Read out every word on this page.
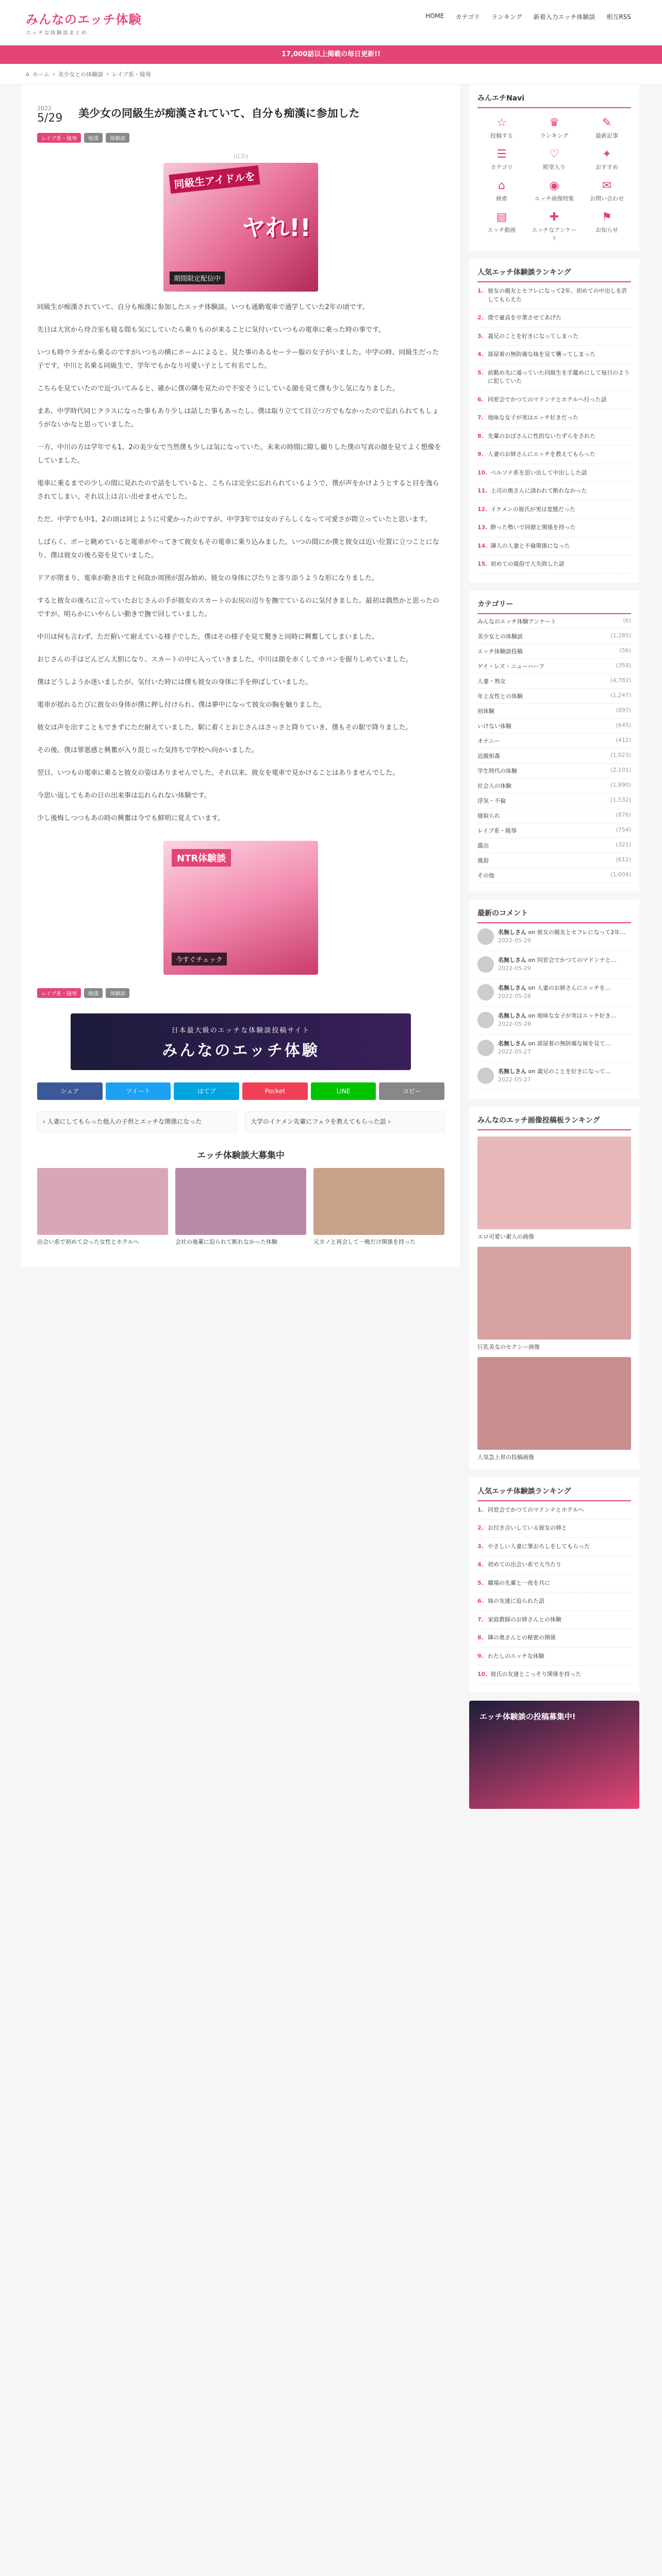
みんなのエッチ体験
エッチな体験談まとめ
HOME カテゴリ ランキング 新着入力エッチ体験談 相互RSS
17,000話以上掲載の毎日更新!!
⌂ ホーム › 美少女との体験談 › レイプ系・陵辱
2022
5/29	美少女の同級生が痴漢されていて、自分も痴漢に参加した
レイプ系・陵辱	痴漢	体験談
(広告)
同級生アイドルを
ヤれ!!
期間限定配信中

同級生が痴漢されていて、自分も痴漢に参加したエッチ体験談。いつも通勤電車で通学していた2年の頃です。

先日は大宮から待合室も寝る間も気にしていたら乗りものが来ることに気付いていつもの電車に乗った時の事です。

いつも時ウラガから乗るのですがいつもの横にホームによると、見た事のあるセーラー服の女子がいました。中学の時、同級生だった子です。中川と名乗る同級生で、学年でもかなり可愛い子として有名でした。

こちらを見ていたので近づいてみると、確かに僕の隣を見たので不安そうにしている顔を見て僕も少し気になりました。

まあ、中学時代同じクラスになった事もあり少しは話した事もあったし、僕は取り立てて目立つ方でもなかったので忘れられてもしょうがないかなと思っていました。

一方、中川の方は学年でも1、2の美少女で当然僕も少しは気になっていた。未来の時間に隙し撮りした僕の写真の顔を見てよく想像をしていました。

電車に乗るまでの少しの間に見れたので話をしていると、こちらは完全に忘れられているようで、僕が声をかけようとすると目を逸らされてしまい、それ以上は言い出せませんでした。

ただ、中学でも中1、2の頃は同じように可愛かったのですが、中学3年では女の子らしくなって可愛さが際立っていたと思います。

しばらく、ボーと眺めていると電車がやってきて彼女もその電車に乗り込みました。いつの間にか僕と彼女は近い位置に立つことになり、僕は彼女の後ろ姿を見ていました。

ドアが閉まり、電車が動き出すと何故か周囲が混み始め、彼女の身体にぴたりと寄り添うような形になりました。

すると彼女の後ろに立っていたおじさんの手が彼女のスカートのお尻の辺りを撫でているのに気付きました。最初は偶然かと思ったのですが、明らかにいやらしい動きで撫で回していました。

中川は何も言わず、ただ俯いて耐えている様子でした。僕はその様子を見て驚きと同時に興奮してしまいました。

おじさんの手はどんどん大胆になり、スカートの中に入っていきました。中川は顔を赤くしてカバンを握りしめていました。

僕はどうしようか迷いましたが、気付いた時には僕も彼女の身体に手を伸ばしていました。

電車が揺れるたびに彼女の身体が僕に押し付けられ、僕は夢中になって彼女の胸を触りました。

彼女は声を出すこともできずにただ耐えていました。駅に着くとおじさんはさっさと降りていき、僕もその駅で降りました。

その後、僕は罪悪感と興奮が入り混じった気持ちで学校へ向かいました。

翌日、いつもの電車に乗ると彼女の姿はありませんでした。それ以来、彼女を電車で見かけることはありませんでした。

今思い返してもあの日の出来事は忘れられない体験です。

少し後悔しつつもあの時の興奮は今でも鮮明に覚えています。

NTR体験談
今すぐチェック
レイプ系・陵辱	痴漢	体験談
日本最大級のエッチな体験談投稿サイト
みんなのエッチ体験
シェア	ツイート	はてブ	Pocket	LINE	コピー
‹ 人妻にしてもらった他人の子供とエッチな関係になった	大学のイケメン先輩にフェラを教えてもらった話 ›
エッチ体験談大募集中
出会い系で初めて会った女性とホテルへ	会社の後輩に迫られて断れなかった体験	元カノと再会して一晩だけ関係を持った
みんエチNavi
☆
投稿する
♛
ランキング
✎
最新記事
☰
カテゴリ
♡
殿堂入り
✦
おすすめ
⌂
検索
◉
エッチ画像特集
✉
お問い合わせ
▤
エッチ動画
✚
エッチなアンケート
⚑
お知らせ
人気エッチ体験談ランキング
1. 彼女の親友とセフレになって2年、初めての中出しを許してもらえた
2. 僕で童貞を卒業させてあげた
3. 義兄のことを好きになってしまった
4. 部屋着の無防備な妹を見て襲ってしまった
5. 前勤め先に通っていた同級生を手籠めにして毎日のように犯していた
6. 同窓会でかつてのマドンナとホテルへ行った話
7. 地味な女子が実はエッチ好きだった
8. 先輩のおばさんに性的ないたずらをされた
9. 人妻のお姉さんにエッチを教えてもらった
10. ペルソナ系を思い出して中出しした話
11. 上司の奥さんに誘われて断れなかった
12. イケメンの彼氏が実は変態だった
13. 酔った勢いで同僚と関係を持った
14. 隣人の人妻と不倫関係になった
15. 初めての風俗で大失敗した話
カテゴリー
みんなのエッチ体験アンケート	(6)
美少女との体験談	(1,285)
エッチ体験談投稿	(56)
ゲイ・レズ・ニューハーフ	(358)
人妻・熟女	(4,782)
年上女性との体験	(1,247)
初体験	(897)
いけない体験	(645)
オナニー	(412)
近親相姦	(1,023)
学生時代の体験	(2,101)
社会人の体験	(1,890)
浮気・不倫	(1,532)
寝取られ	(876)
レイプ系・陵辱	(754)
露出	(321)
風俗	(612)
その他	(1,004)
最新のコメント
名無しさん on 彼女の親友とセフレになって2年…
2022-05-29
名無しさん on 同窓会でかつてのマドンナと…
2022-05-29
名無しさん on 人妻のお姉さんにエッチを…
2022-05-28
名無しさん on 地味な女子が実はエッチ好き…
2022-05-28
名無しさん on 部屋着の無防備な妹を見て…
2022-05-27
名無しさん on 義兄のことを好きになって…
2022-05-27
みんなのエッチ画像投稿板ランキング
エロ可愛い素人の画像
巨乳美女のセクシー画像
人気急上昇の投稿画像
人気エッチ体験談ランキング
1. 同窓会でかつてのマドンナとホテルへ
2. お付き合いしている彼女の姉と
3. やさしい人妻に筆おろしをしてもらった
4. 初めての出会い系で大当たり
5. 職場の先輩と一夜を共に
6. 妹の友達に迫られた話
7. 家庭教師のお姉さんとの体験
8. 隣の奥さんとの秘密の関係
9. わたしのエッチな体験
10. 彼氏の友達とこっそり関係を持った
エッチ体験談の投稿募集中!
